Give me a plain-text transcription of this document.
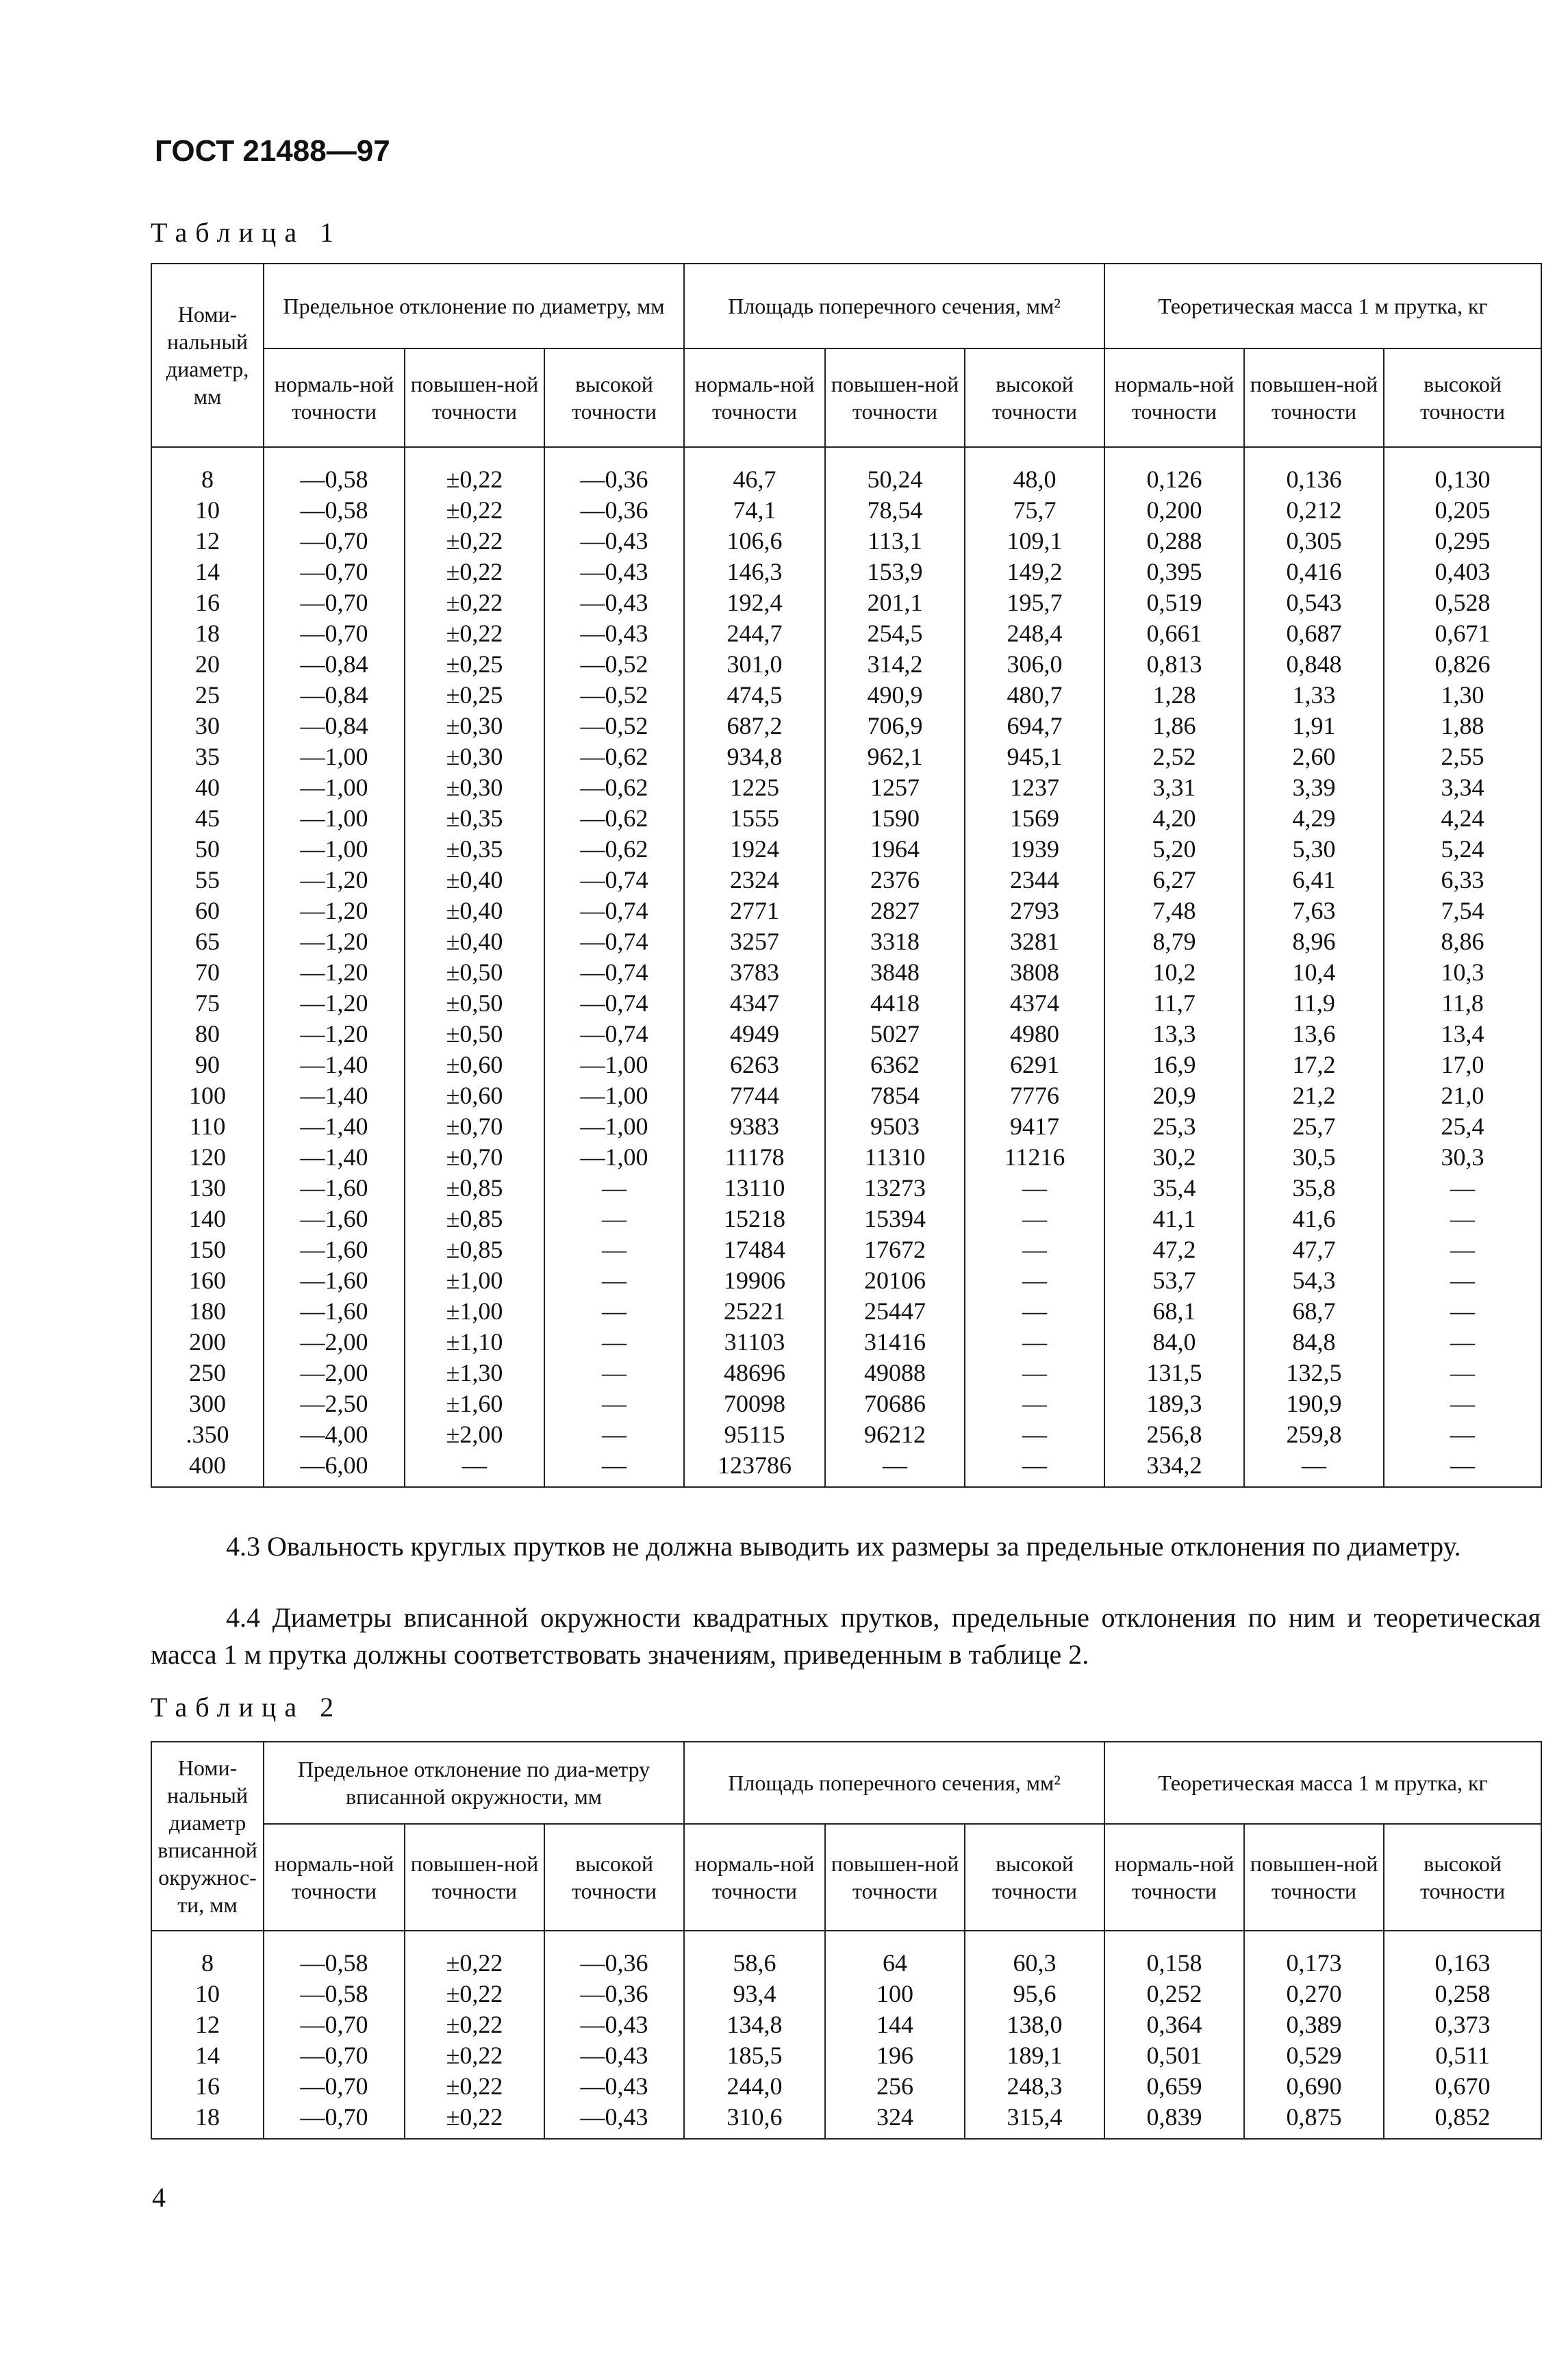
ГОСТ 21488—97
Таблица 1
Номи-нальный диаметр, мм	Предельное отклонение по диаметру, мм			Площадь поперечного сечения, мм²			Теоретическая масса 1 м прутка, кг		
	нормаль-ной точности	повышен-ной точности	высокой точности	нормаль-ной точности	повышен-ной точности	высокой точности	нормаль-ной точности	повышен-ной точности	высокой точности
8	—0,58	±0,22	—0,36	46,7	50,24	48,0	0,126	0,136	0,130
10	—0,58	±0,22	—0,36	74,1	78,54	75,7	0,200	0,212	0,205
12	—0,70	±0,22	—0,43	106,6	113,1	109,1	0,288	0,305	0,295
14	—0,70	±0,22	—0,43	146,3	153,9	149,2	0,395	0,416	0,403
16	—0,70	±0,22	—0,43	192,4	201,1	195,7	0,519	0,543	0,528
18	—0,70	±0,22	—0,43	244,7	254,5	248,4	0,661	0,687	0,671
20	—0,84	±0,25	—0,52	301,0	314,2	306,0	0,813	0,848	0,826
25	—0,84	±0,25	—0,52	474,5	490,9	480,7	1,28	1,33	1,30
30	—0,84	±0,30	—0,52	687,2	706,9	694,7	1,86	1,91	1,88
35	—1,00	±0,30	—0,62	934,8	962,1	945,1	2,52	2,60	2,55
40	—1,00	±0,30	—0,62	1225	1257	1237	3,31	3,39	3,34
45	—1,00	±0,35	—0,62	1555	1590	1569	4,20	4,29	4,24
50	—1,00	±0,35	—0,62	1924	1964	1939	5,20	5,30	5,24
55	—1,20	±0,40	—0,74	2324	2376	2344	6,27	6,41	6,33
60	—1,20	±0,40	—0,74	2771	2827	2793	7,48	7,63	7,54
65	—1,20	±0,40	—0,74	3257	3318	3281	8,79	8,96	8,86
70	—1,20	±0,50	—0,74	3783	3848	3808	10,2	10,4	10,3
75	—1,20	±0,50	—0,74	4347	4418	4374	11,7	11,9	11,8
80	—1,20	±0,50	—0,74	4949	5027	4980	13,3	13,6	13,4
90	—1,40	±0,60	—1,00	6263	6362	6291	16,9	17,2	17,0
100	—1,40	±0,60	—1,00	7744	7854	7776	20,9	21,2	21,0
110	—1,40	±0,70	—1,00	9383	9503	9417	25,3	25,7	25,4
120	—1,40	±0,70	—1,00	11178	11310	11216	30,2	30,5	30,3
130	—1,60	±0,85	—	13110	13273	—	35,4	35,8	—
140	—1,60	±0,85	—	15218	15394	—	41,1	41,6	—
150	—1,60	±0,85	—	17484	17672	—	47,2	47,7	—
160	—1,60	±1,00	—	19906	20106	—	53,7	54,3	—
180	—1,60	±1,00	—	25221	25447	—	68,1	68,7	—
200	—2,00	±1,10	—	31103	31416	—	84,0	84,8	—
250	—2,00	±1,30	—	48696	49088	—	131,5	132,5	—
300	—2,50	±1,60	—	70098	70686	—	189,3	190,9	—
.350	—4,00	±2,00	—	95115	96212	—	256,8	259,8	—
400	—6,00	—	—	123786	—	—	334,2	—	—
4.3 Овальность круглых прутков не должна выводить их размеры за предельные отклонения по диаметру.
4.4 Диаметры вписанной окружности квадратных прутков, предельные отклонения по ним и теоретическая масса 1 м прутка должны соответствовать значениям, приведенным в таблице 2.
Таблица 2
Номи-нальный диаметр вписанной окружнос-ти, мм	Предельное отклонение по диа-метру вписанной окружности, мм			Площадь поперечного сечения, мм²			Теоретическая масса 1 м прутка, кг		
	нормаль-ной точности	повышен-ной точности	высокой точности	нормаль-ной точности	повышен-ной точности	высокой точности	нормаль-ной точности	повышен-ной точности	высокой точности
8	—0,58	±0,22	—0,36	58,6	64	60,3	0,158	0,173	0,163
10	—0,58	±0,22	—0,36	93,4	100	95,6	0,252	0,270	0,258
12	—0,70	±0,22	—0,43	134,8	144	138,0	0,364	0,389	0,373
14	—0,70	±0,22	—0,43	185,5	196	189,1	0,501	0,529	0,511
16	—0,70	±0,22	—0,43	244,0	256	248,3	0,659	0,690	0,670
18	—0,70	±0,22	—0,43	310,6	324	315,4	0,839	0,875	0,852
4
